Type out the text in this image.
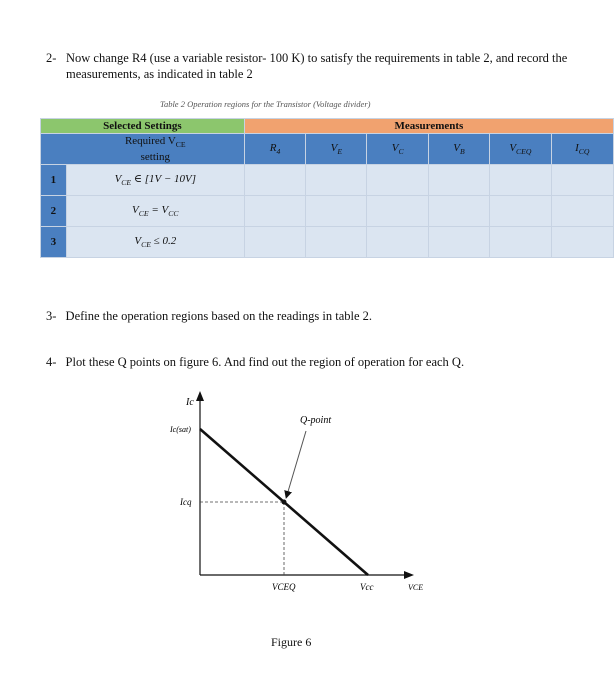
2- Now change R4 (use a variable resistor- 100 K) to satisfy the requirements in table 2, and record the measurements, as indicated in table 2
Table 2 Operation regions for the Transistor (Voltage divider)
Selected Settings		Measurements					
	Required $V_{CE}$
setting	$R_4$	$V_E$	$V_C$	$V_B$	$V_{CEQ}$	$I_{CQ}$
1	$V_{CE}$ ∈ [1V − 10V]						
2	$V_{CE} = V_{CC}$						
3	$V_{CE} \le 0.2$						
3- Define the operation regions based on the readings in table 2.
4- Plot these Q points on figure 6. And find out the region of operation for each Q.
Ic
Ic(sat)
Icq
Q-point
VCEQ	Vcc	VCE
Figure 6
